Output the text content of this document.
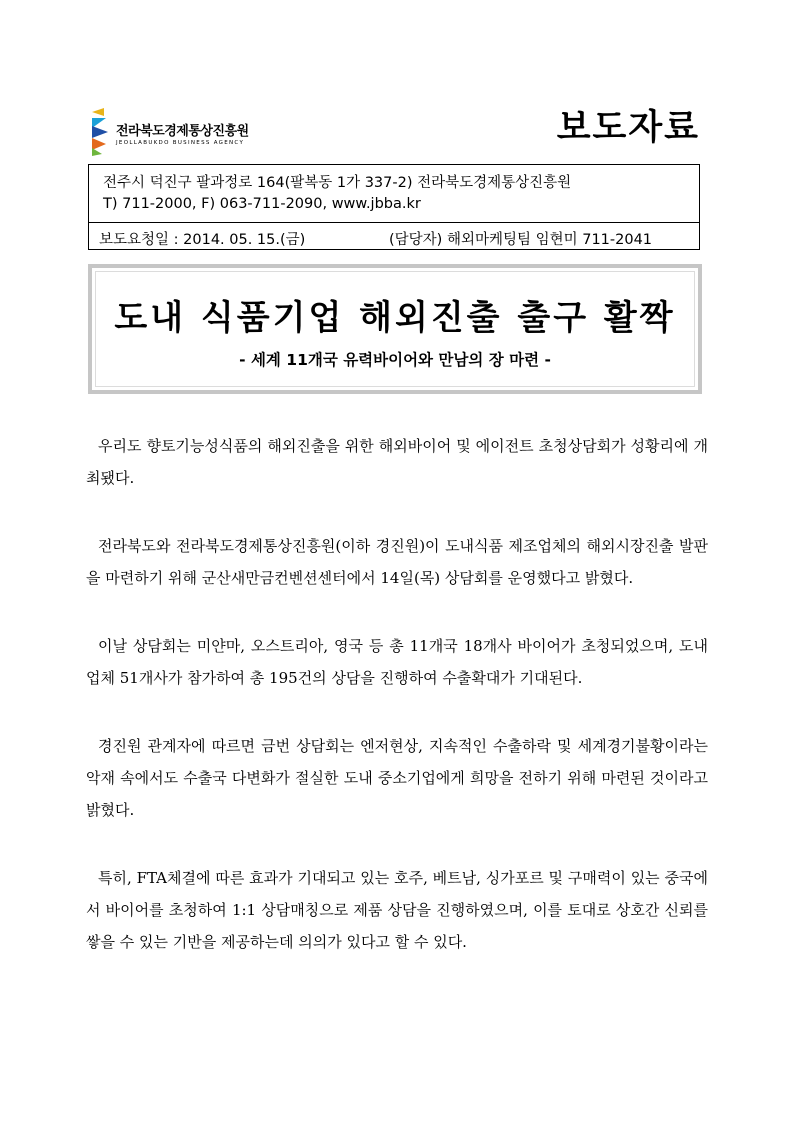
전라북도경제통상진흥원
JEOLLABUKDO BUSINESS AGENCY	보도자료
전주시 덕진구 팔과정로 164(팔복동 1가 337-2) 전라북도경제통상진흥원
T) 711-2000, F) 063-711-2090, www.jbba.kr
보도요청일 : 2014. 05. 15.(금)	(담당자) 해외마케팅팀 임현미 711-2041
도내 식품기업 해외진출 출구 활짝
- 세계 11개국 유력바이어와 만남의 장 마련 -

우리도 향토기능성식품의 해외진출을 위한 해외바이어 및 에이전트 초청상담회가 성황리에 개최됐다.

전라북도와 전라북도경제통상진흥원(이하 경진원)이 도내식품 제조업체의 해외시장진출 발판을 마련하기 위해 군산새만금컨벤션센터에서 14일(목) 상담회를 운영했다고 밝혔다.

이날 상담회는 미얀마, 오스트리아, 영국 등 총 11개국 18개사 바이어가 초청되었으며, 도내업체 51개사가 참가하여 총 195건의 상담을 진행하여 수출확대가 기대된다.

경진원 관계자에 따르면 금번 상담회는 엔저현상, 지속적인 수출하락 및 세계경기불황이라는 악재 속에서도 수출국 다변화가 절실한 도내 중소기업에게 희망을 전하기 위해 마련된 것이라고 밝혔다.

특히, FTA체결에 따른 효과가 기대되고 있는 호주, 베트남, 싱가포르 및 구매력이 있는 중국에서 바이어를 초청하여 1:1 상담매칭으로 제품 상담을 진행하였으며, 이를 토대로 상호간 신뢰를 쌓을 수 있는 기반을 제공하는데 의의가 있다고 할 수 있다.
